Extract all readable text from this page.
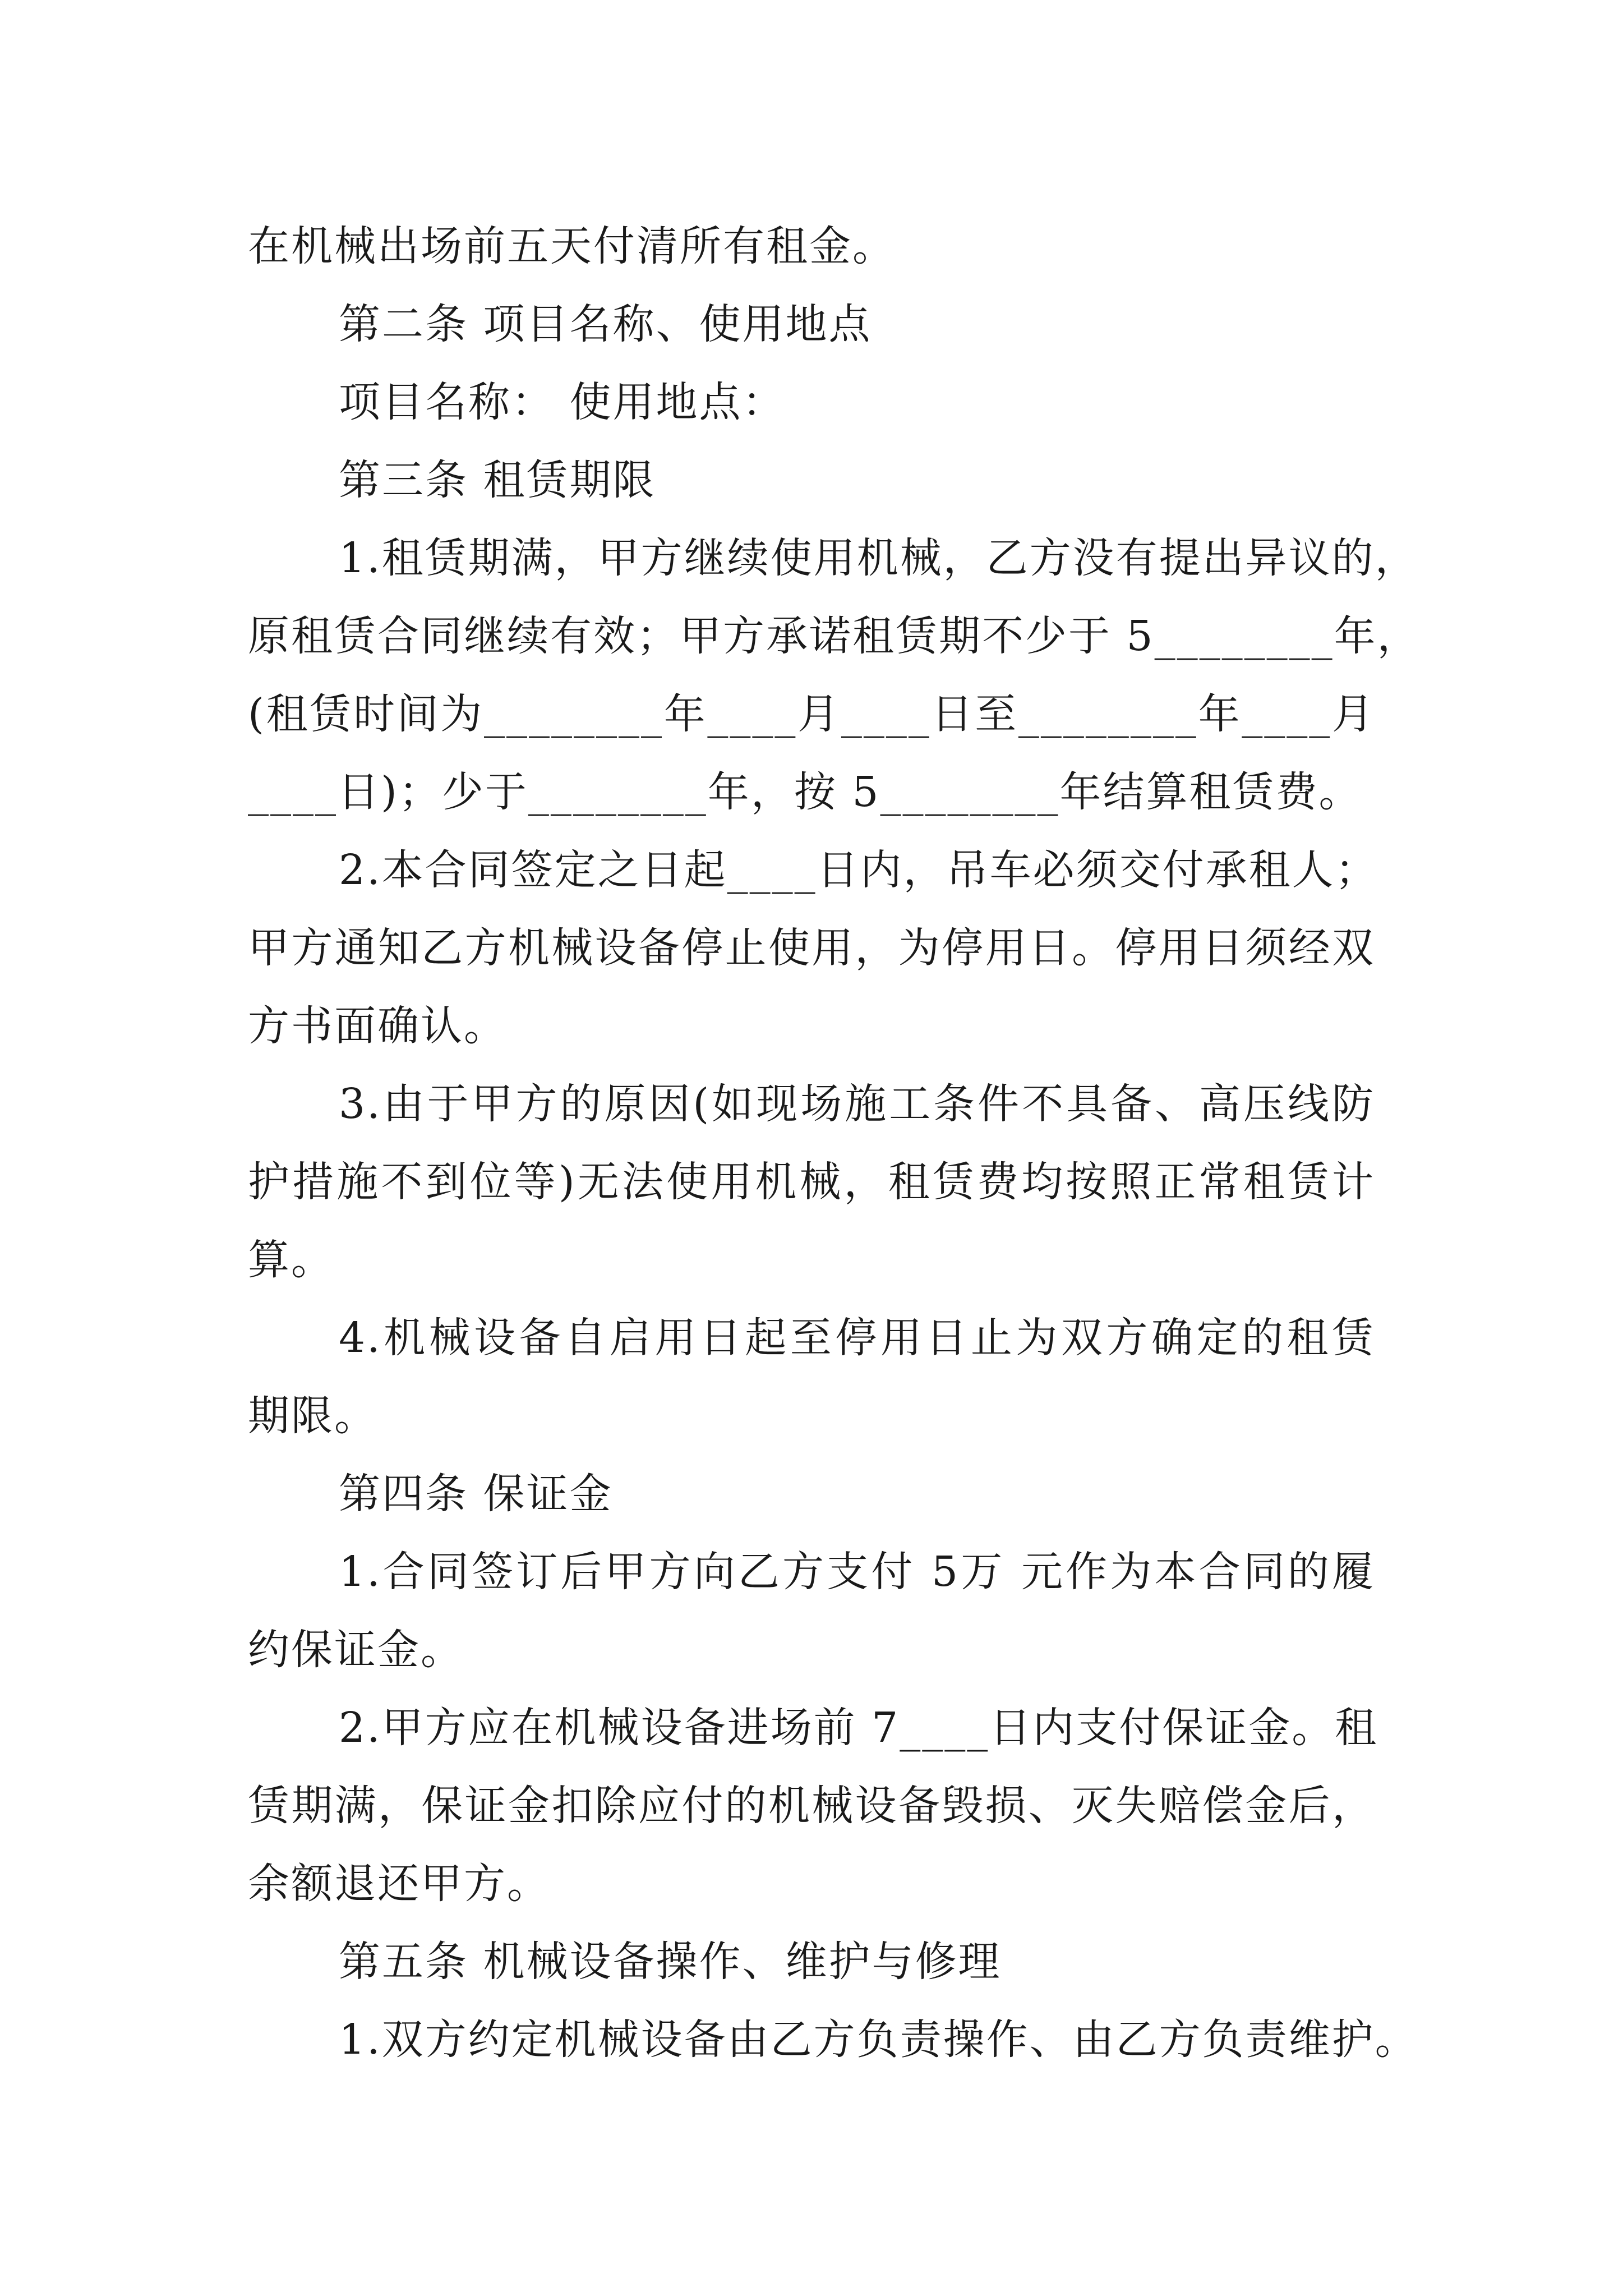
在机械出场前五天付清所有租金。
第二条 项目名称、使用地点
项目名称： 使用地点：
第三条 租赁期限
1.租赁期满，甲方继续使用机械，乙方没有提出异议的，
原租赁合同继续有效；甲方承诺租赁期不少于 5________年，
(租赁时间为________年____月____日至________年____月
____日)；少于________年，按 5________年结算租赁费。
2.本合同签定之日起____日内，吊车必须交付承租人；
甲方通知乙方机械设备停止使用，为停用日。停用日须经双
方书面确认。
3.由于甲方的原因(如现场施工条件不具备、高压线防
护措施不到位等)无法使用机械，租赁费均按照正常租赁计
算。
4.机械设备自启用日起至停用日止为双方确定的租赁
期限。
第四条 保证金
1.合同签订后甲方向乙方支付 5万 元作为本合同的履
约保证金。
2.甲方应在机械设备进场前 7____日内支付保证金。租
赁期满，保证金扣除应付的机械设备毁损、灭失赔偿金后，
余额退还甲方。
第五条 机械设备操作、维护与修理
1.双方约定机械设备由乙方负责操作、由乙方负责维护。
